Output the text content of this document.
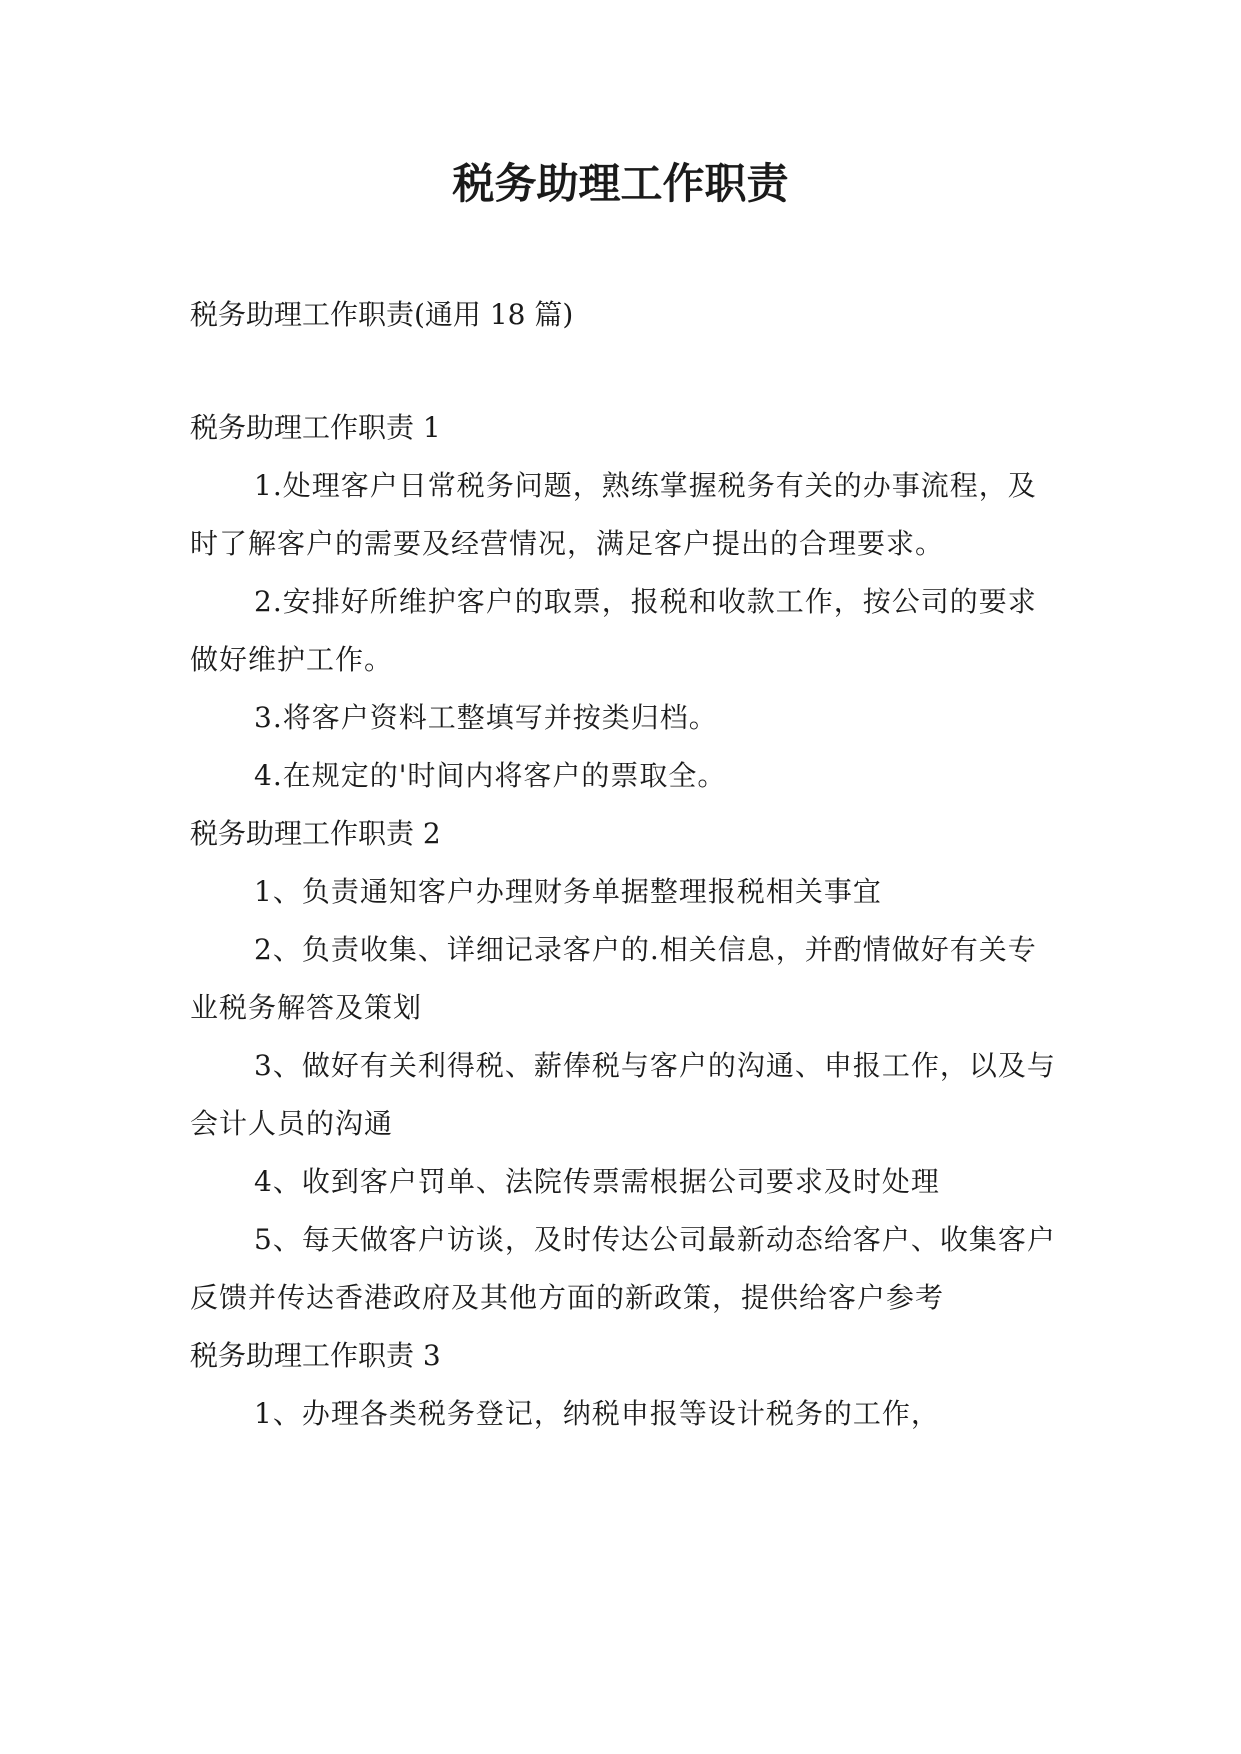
税务助理工作职责

税务助理工作职责(通用 18 篇)

税务助理工作职责 1

1.处理客户日常税务问题，熟练掌握税务有关的办事流程，及时了解客户的需要及经营情况，满足客户提出的合理要求。

2.安排好所维护客户的取票，报税和收款工作，按公司的要求做好维护工作。

3.将客户资料工整填写并按类归档。

4.在规定的'时间内将客户的票取全。

税务助理工作职责 2

1、负责通知客户办理财务单据整理报税相关事宜

2、负责收集、详细记录客户的.相关信息，并酌情做好有关专业税务解答及策划

3、做好有关利得税、薪俸税与客户的沟通、申报工作，以及与会计人员的沟通

4、收到客户罚单、法院传票需根据公司要求及时处理

5、每天做客户访谈，及时传达公司最新动态给客户、收集客户反馈并传达香港政府及其他方面的新政策，提供给客户参考

税务助理工作职责 3

1、办理各类税务登记，纳税申报等设计税务的工作，
